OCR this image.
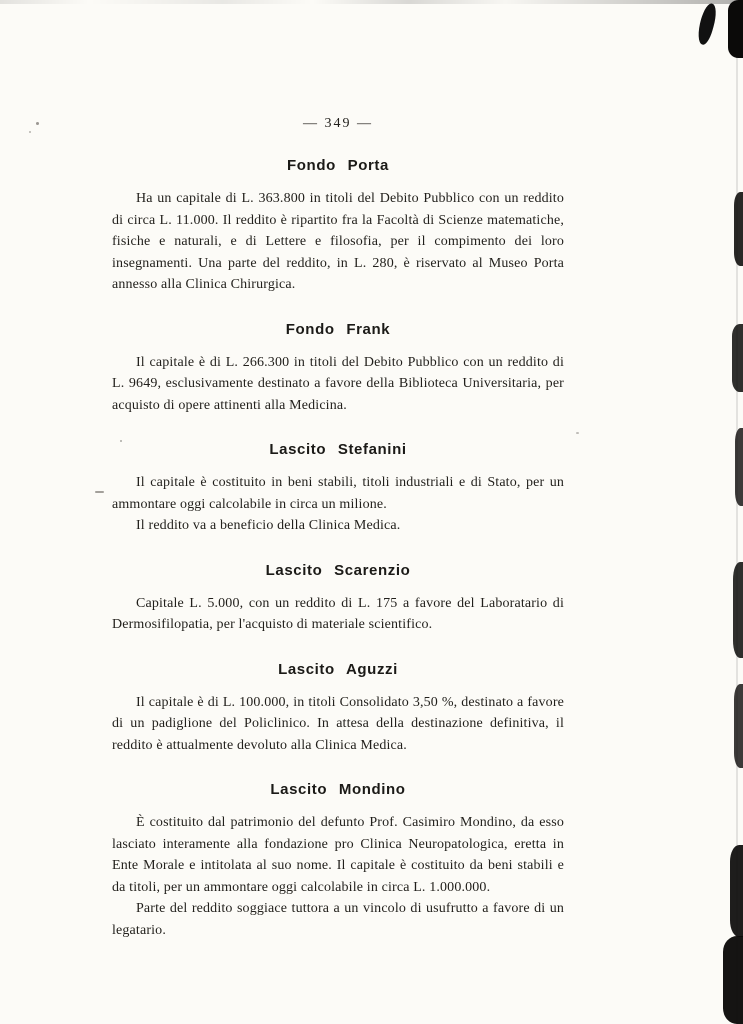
— 349 —
Fondo Porta

Ha un capitale di L. 363.800 in titoli del Debito Pubblico con un reddito di circa L. 11.000. Il reddito è ripartito fra la Facoltà di Scienze matematiche, fisiche e naturali, e di Lettere e filosofia, per il compimento dei loro insegnamenti. Una parte del reddito, in L. 280, è riservato al Museo Porta annesso alla Clinica Chirurgica.

Fondo Frank

Il capitale è di L. 266.300 in titoli del Debito Pubblico con un reddito di L. 9649, esclusivamente destinato a favore della Biblioteca Universitaria, per acquisto di opere attinenti alla Medicina.

Lascito Stefanini

Il capitale è costituito in beni stabili, titoli industriali e di Stato, per un ammontare oggi calcolabile in circa un milione.

Il reddito va a beneficio della Clinica Medica.

Lascito Scarenzio

Capitale L. 5.000, con un reddito di L. 175 a favore del Laboratario di Dermosifilopatia, per l'acquisto di materiale scientifico.

Lascito Aguzzi

Il capitale è di L. 100.000, in titoli Consolidato 3,50 %, destinato a favore di un padiglione del Policlinico. In attesa della destinazione definitiva, il reddito è attualmente devoluto alla Clinica Medica.

Lascito Mondino

È costituito dal patrimonio del defunto Prof. Casimiro Mondino, da esso lasciato interamente alla fondazione pro Clinica Neuropatologica, eretta in Ente Morale e intitolata al suo nome. Il capitale è costituito da beni stabili e da titoli, per un ammontare oggi calcolabile in circa L. 1.000.000.

Parte del reddito soggiace tuttora a un vincolo di usufrutto a favore di un legatario.
